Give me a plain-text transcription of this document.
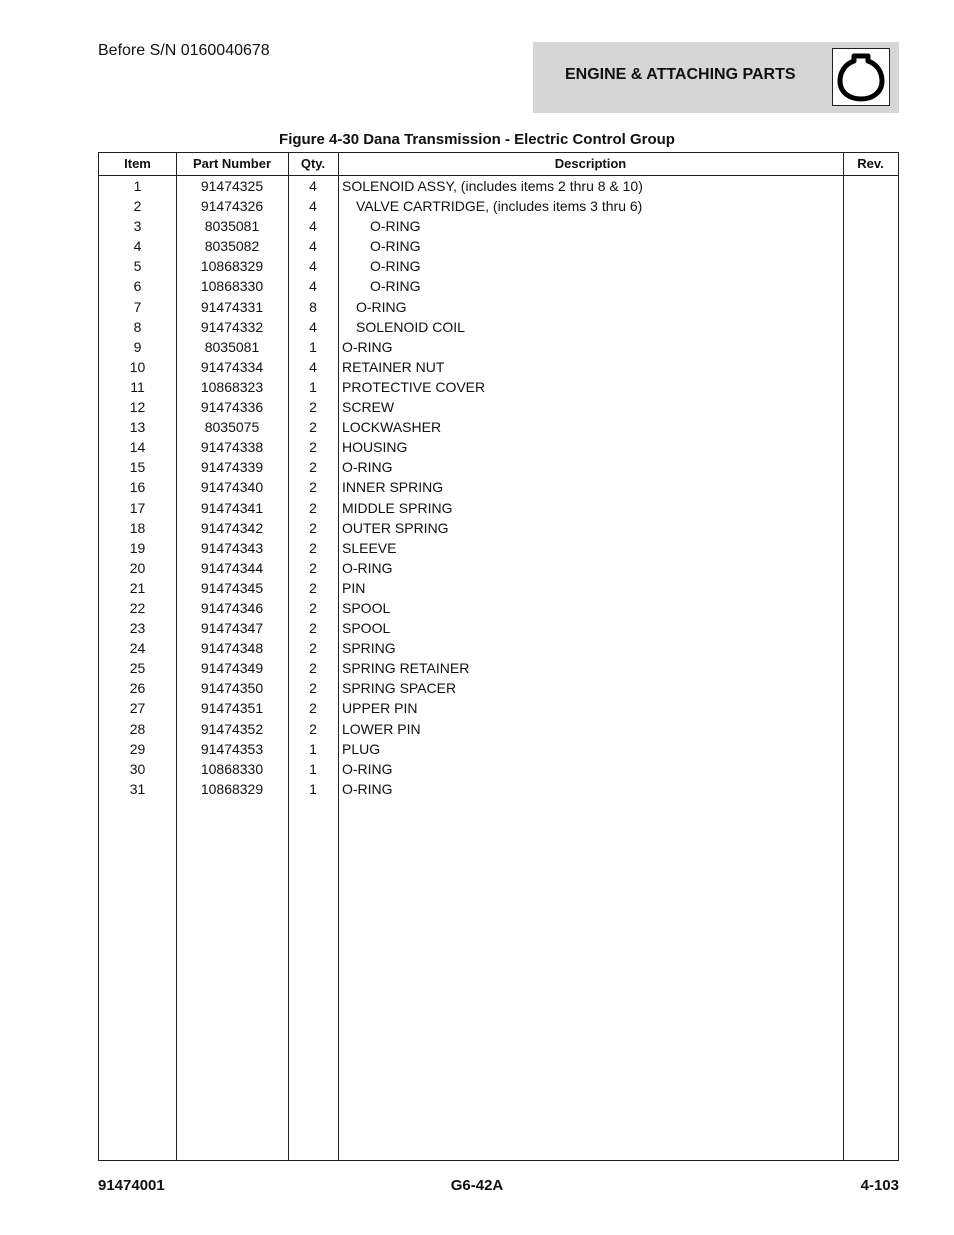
Before S/N 0160040678
ENGINE & ATTACHING PARTS
Figure 4-30 Dana Transmission - Electric Control Group
Item	Part Number	Qty.	Description	Rev.
1	91474325	4	SOLENOID ASSY, (includes items 2 thru 8 & 10)
2	91474326	4	VALVE CARTRIDGE, (includes items 3 thru 6)
3	8035081	4	O-RING
4	8035082	4	O-RING
5	10868329	4	O-RING
6	10868330	4	O-RING
7	91474331	8	O-RING
8	91474332	4	SOLENOID COIL
9	8035081	1	O-RING
10	91474334	4	RETAINER NUT
11	10868323	1	PROTECTIVE COVER
12	91474336	2	SCREW
13	8035075	2	LOCKWASHER
14	91474338	2	HOUSING
15	91474339	2	O-RING
16	91474340	2	INNER SPRING
17	91474341	2	MIDDLE SPRING
18	91474342	2	OUTER SPRING
19	91474343	2	SLEEVE
20	91474344	2	O-RING
21	91474345	2	PIN
22	91474346	2	SPOOL
23	91474347	2	SPOOL
24	91474348	2	SPRING
25	91474349	2	SPRING RETAINER
26	91474350	2	SPRING SPACER
27	91474351	2	UPPER PIN
28	91474352	2	LOWER PIN
29	91474353	1	PLUG
30	10868330	1	O-RING
31	10868329	1	O-RING
91474001	G6-42A	4-103
